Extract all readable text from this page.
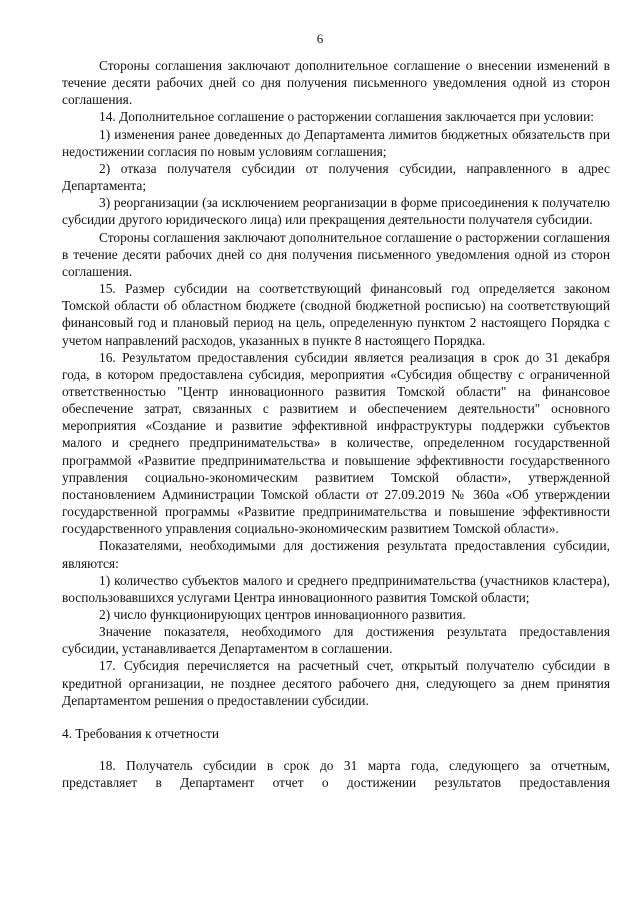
6

Стороны соглашения заключают дополнительное соглашение о внесении изменений в течение десяти рабочих дней со дня получения письменного уведомления одной из сторон соглашения.

14. Дополнительное соглашение о расторжении соглашения заключается при условии:

1) изменения ранее доведенных до Департамента лимитов бюджетных обязательств при недостижении согласия по новым условиям соглашения;

2) отказа получателя субсидии от получения субсидии, направленного в адрес Департамента;

3) реорганизации (за исключением реорганизации в форме присоединения к получателю субсидии другого юридического лица) или прекращения деятельности получателя субсидии.

Стороны соглашения заключают дополнительное соглашение о расторжении соглашения в течение десяти рабочих дней со дня получения письменного уведомления одной из сторон соглашения.

15. Размер субсидии на соответствующий финансовый год определяется законом Томской области об областном бюджете (сводной бюджетной росписью) на соответствующий финансовый год и плановый период на цель, определенную пунктом 2 настоящего Порядка с учетом направлений расходов, указанных в пункте 8 настоящего Порядка.

16. Результатом предоставления субсидии является реализация в срок до 31 декабря года, в котором предоставлена субсидия, мероприятия «Субсидия обществу с ограниченной ответственностью "Центр инновационного развития Томской области" на финансовое обеспечение затрат, связанных с развитием и обеспечением деятельности" основного мероприятия «Создание и развитие эффективной инфраструктуры поддержки субъектов малого и среднего предпринимательства» в количестве, определенном государственной программой «Развитие предпринимательства и повышение эффективности государственного управления социально-экономическим развитием Томской области», утвержденной постановлением Администрации Томской области от 27.09.2019 № 360а «Об утверждении государственной программы «Развитие предпринимательства и повышение эффективности государственного управления социально-экономическим развитием Томской области».

Показателями, необходимыми для достижения результата предоставления субсидии, являются:

1) количество субъектов малого и среднего предпринимательства (участников кластера), воспользовавшихся услугами Центра инновационного развития Томской области;

2) число функционирующих центров инновационного развития.

Значение показателя, необходимого для достижения результата предоставления субсидии, устанавливается Департаментом в соглашении.

17. Субсидия перечисляется на расчетный счет, открытый получателю субсидии в кредитной организации, не позднее десятого рабочего дня, следующего за днем принятия Департаментом решения о предоставлении субсидии.

4. Требования к отчетности

18. Получатель субсидии в срок до 31 марта года, следующего за отчетным, представляет в Департамент отчет о достижении результатов предоставления
